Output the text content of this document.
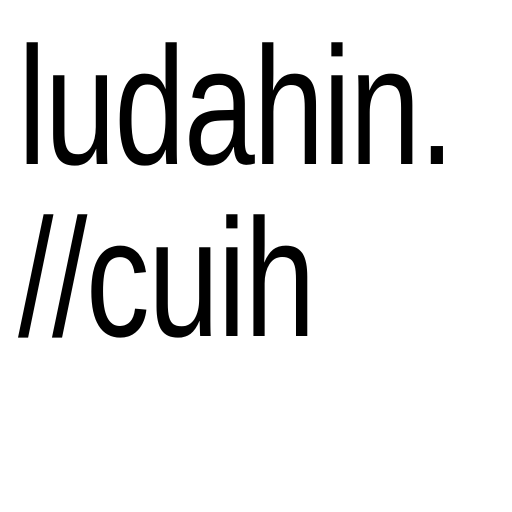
ludahin.
//cuih
